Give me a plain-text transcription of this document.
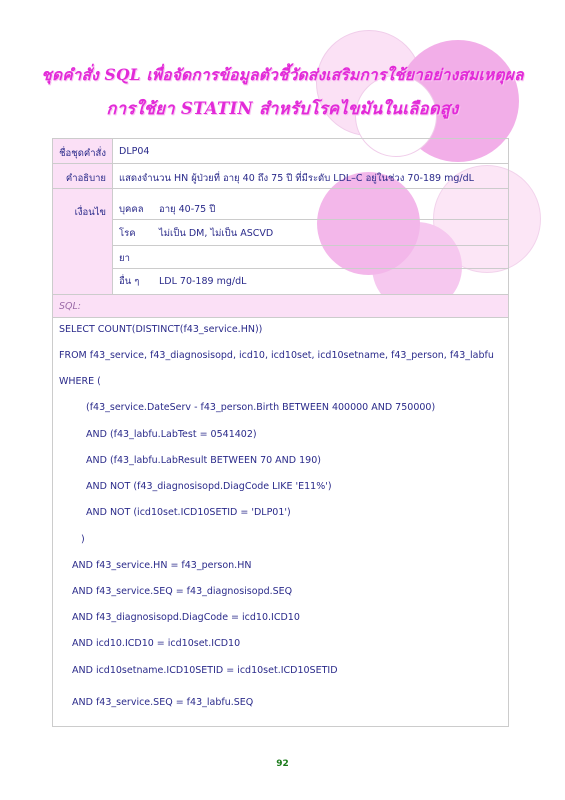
ชุดคำสั่ง SQL เพื่อจัดการข้อมูลตัวชี้วัดส่งเสริมการใช้ยาอย่างสมเหตุผล
การใช้ยา STATIN สำหรับโรคไขมันในเลือดสูง
ชื่อชุดคำสั่ง	DLP04
คำอธิบาย	แสดงจำนวน HN ผู้ป่วยที่ อายุ 40 ถึง 75 ปี ที่มีระดับ LDL–C อยู่ในช่วง 70-189 mg/dL
เงื่อนไข	บุคคล อายุ 40-75 ปี
โรค ไม่เป็น DM, ไม่เป็น ASCVD
ยา
อื่น ๆ LDL 70-189 mg/dL
SQL:
SELECT COUNT(DISTINCT(f43_service.HN))
FROM f43_service, f43_diagnosisopd, icd10, icd10set, icd10setname, f43_person, f43_labfu
WHERE (
(f43_service.DateServ - f43_person.Birth BETWEEN 400000 AND 750000)
AND (f43_labfu.LabTest = 0541402)
AND (f43_labfu.LabResult BETWEEN 70 AND 190)
AND NOT (f43_diagnosisopd.DiagCode LIKE 'E11%')
AND NOT (icd10set.ICD10SETID = 'DLP01')
)
AND f43_service.HN = f43_person.HN
AND f43_service.SEQ = f43_diagnosisopd.SEQ
AND f43_diagnosisopd.DiagCode = icd10.ICD10
AND icd10.ICD10 = icd10set.ICD10
AND icd10setname.ICD10SETID = icd10set.ICD10SETID
AND f43_service.SEQ = f43_labfu.SEQ
92
